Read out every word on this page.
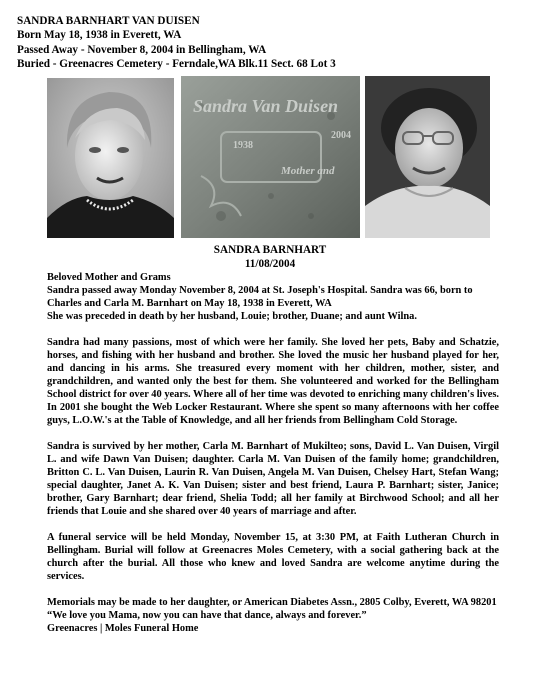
SANDRA BARNHART VAN DUISEN
Born May 18, 1938 in Everett, WA
Passed Away - November 8, 2004 in Bellingham, WA
Buried - Greenacres Cemetery - Ferndale,WA Blk.11 Sect. 68 Lot 3
Sandra Van Duisen
1938
2004
Mother and
SANDRA BARNHART
11/08/2004

Beloved Mother and Grams

Sandra passed away Monday November 8, 2004 at St. Joseph's Hospital. Sandra was 66, born to Charles and Carla M. Barnhart on May 18, 1938 in Everett, WA

She was preceded in death by her husband, Louie; brother, Duane; and aunt Wilna.

Sandra had many passions, most of which were her family. She loved her pets, Baby and Schatzie, horses, and fishing with her husband and brother. She loved the music her husband played for her, and dancing in his arms. She treasured every moment with her children, mother, sister, and grandchildren, and wanted only the best for them. She volunteered and worked for the Bellingham School district for over 40 years. Where all of her time was devoted to enriching many children's lives. In 2001 she bought the Web Locker Restaurant. Where she spent so many afternoons with her coffee guys, L.O.W.'s at the Table of Knowledge, and all her friends from Bellingham Cold Storage.

Sandra is survived by her mother, Carla M. Barnhart of Mukilteo; sons, David L. Van Duisen, Virgil L. and wife Dawn Van Duisen; daughter. Carla M. Van Duisen of the family home; grandchildren, Britton C. L. Van Duisen, Laurin R. Van Duisen, Angela M. Van Duisen, Chelsey Hart, Stefan Wang; special daughter, Janet A. K. Van Duisen; sister and best friend, Laura P. Barnhart; sister, Janice; brother, Gary Barnhart; dear friend, Shelia Todd; all her family at Birchwood School; and all her friends that Louie and she shared over 40 years of marriage and after.

A funeral service will be held Monday, November 15, at 3:30 PM, at Faith Lutheran Church in Bellingham. Burial will follow at Greenacres Moles Cemetery, with a social gathering back at the church after the burial. All those who knew and loved Sandra are welcome anytime during the services.

Memorials may be made to her daughter, or American Diabetes Assn., 2805 Colby, Everett, WA 98201

“We love you Mama, now you can have that dance, always and forever.”

Greenacres | Moles Funeral Home
